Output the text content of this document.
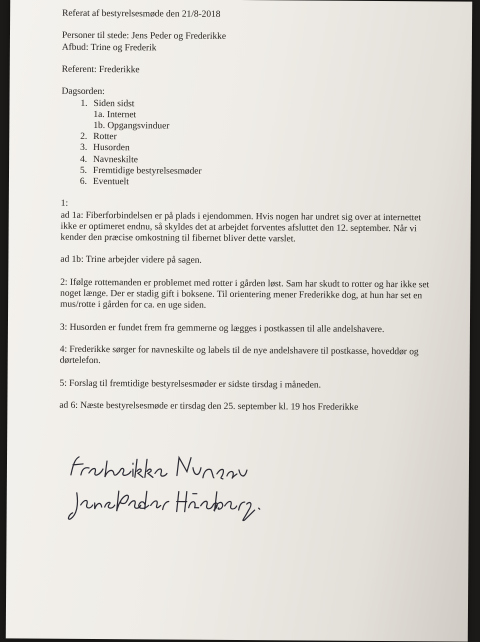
Referat af bestyrelsesmøde den 21/8-2018
Personer til stede: Jens Peder og Frederikke
Afbud: Trine og Frederik
Referent: Frederikke
Dagsorden:
1. Siden sidst
1a. Internet
1b. Opgangsvinduer
2. Rotter
3. Husorden
4. Navneskilte
5. Fremtidige bestyrelsesmøder
6. Eventuelt
1:
ad 1a: Fiberforbindelsen er på plads i ejendommen. Hvis nogen har undret sig over at internettet
ikke er optimeret endnu, så skyldes det at arbejdet forventes afsluttet den 12. september. Når vi
kender den præcise omkostning til fibernet bliver dette varslet.
ad 1b: Trine arbejder videre på sagen.
2: Ifølge rottemanden er problemet med rotter i gården løst. Sam har skudt to rotter og har ikke set
noget længe. Der er stadig gift i boksene. Til orientering mener Frederikke dog, at hun har set en
mus/rotte i gården for ca. en uge siden.
3: Husorden er fundet frem fra gemmerne og lægges i postkassen til alle andelshavere.
4: Frederikke sørger for navneskilte og labels til de nye andelshavere til postkasse, hoveddør og
dørtelefon.
5: Forslag til fremtidige bestyrelsesmøder er sidste tirsdag i måneden.
ad 6: Næste bestyrelsesmøde er tirsdag den 25. september kl. 19 hos Frederikke
